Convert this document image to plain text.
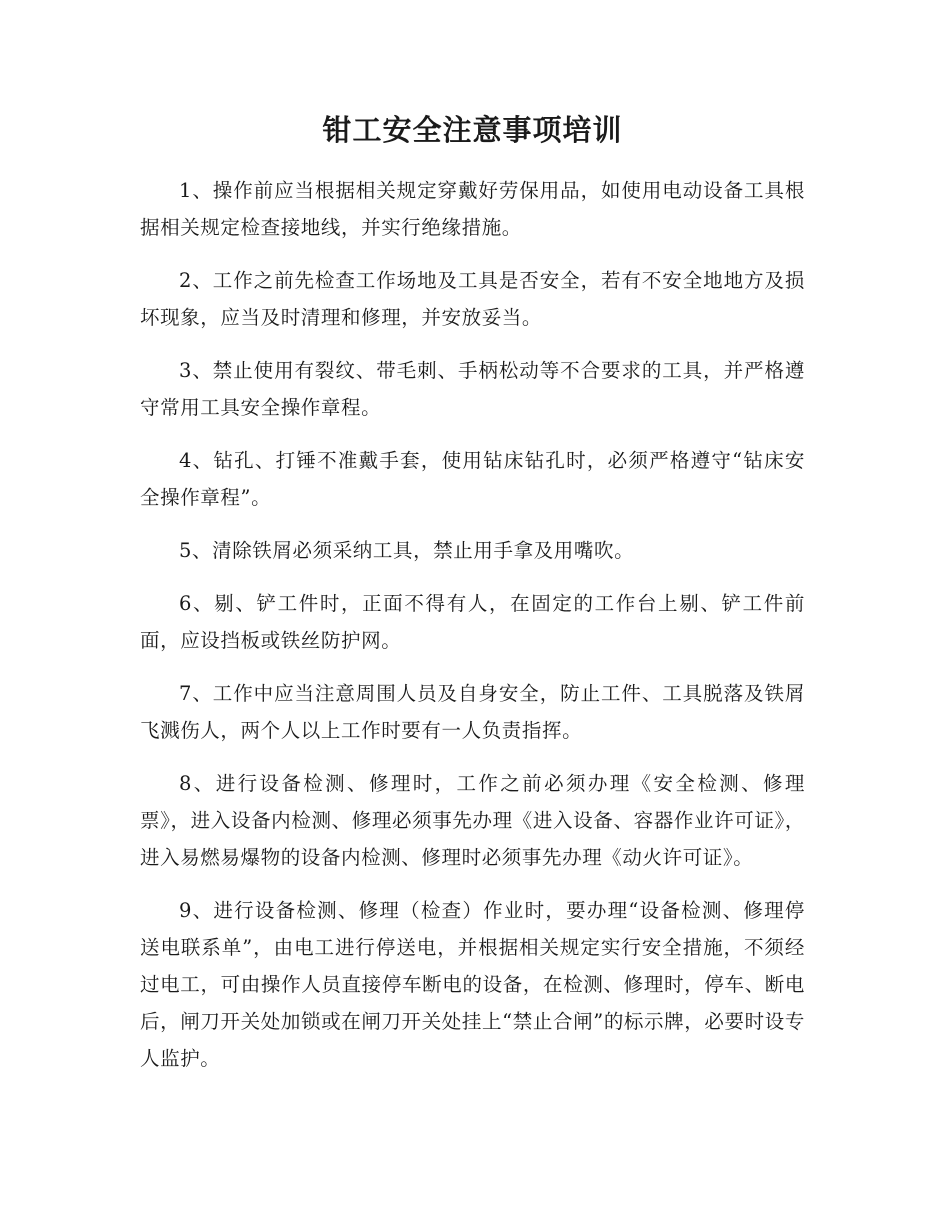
钳工安全注意事项培训

1、操作前应当根据相关规定穿戴好劳保用品，如使用电动设备工具根据相关规定检查接地线，并实行绝缘措施。

2、工作之前先检查工作场地及工具是否安全，若有不安全地地方及损坏现象，应当及时清理和修理，并安放妥当。

3、禁止使用有裂纹、带毛刺、手柄松动等不合要求的工具，并严格遵守常用工具安全操作章程。

4、钻孔、打锤不准戴手套，使用钻床钻孔时，必须严格遵守“钻床安全操作章程”。

5、清除铁屑必须采纳工具，禁止用手拿及用嘴吹。

6、剔、铲工件时，正面不得有人，在固定的工作台上剔、铲工件前面，应设挡板或铁丝防护网。

7、工作中应当注意周围人员及自身安全，防止工件、工具脱落及铁屑飞溅伤人，两个人以上工作时要有一人负责指挥。

8、进行设备检测、修理时，工作之前必须办理《安全检测、修理票》，进入设备内检测、修理必须事先办理《进入设备、容器作业许可证》，进入易燃易爆物的设备内检测、修理时必须事先办理《动火许可证》。

9、进行设备检测、修理（检查）作业时，要办理“设备检测、修理停送电联系单”，由电工进行停送电，并根据相关规定实行安全措施，不须经过电工，可由操作人员直接停车断电的设备，在检测、修理时，停车、断电后，闸刀开关处加锁或在闸刀开关处挂上“禁止合闸”的标示牌，必要时设专人监护。
